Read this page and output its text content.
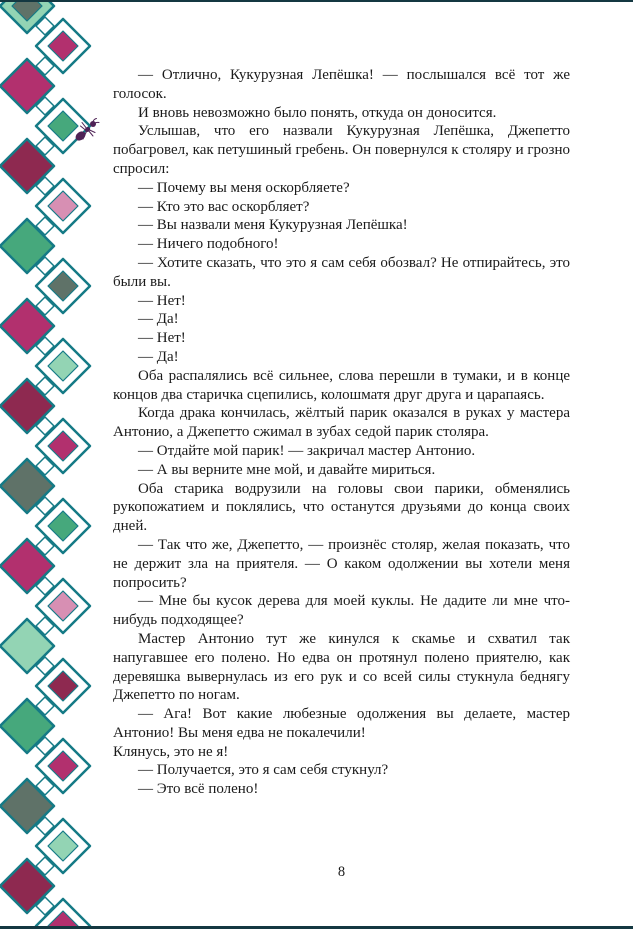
— Отлично, Кукурузная Лепёшка! — послышался всё тот же голосок.

И вновь невозможно было понять, откуда он доносится.

Услышав, что его назвали Кукурузная Лепёшка, Джепетто побагровел, как петушиный гребень. Он повернулся к столяру и грозно спросил:

— Почему вы меня оскорбляете?

— Кто это вас оскорбляет?

— Вы назвали меня Кукурузная Лепёшка!

— Ничего подобного!

— Хотите сказать, что это я сам себя обозвал? Не отпирайтесь, это были вы.

— Нет!

— Да!

— Нет!

— Да!

Оба распалялись всё сильнее, слова перешли в тумаки, и в конце концов два старичка сцепились, колошматя друг друга и царапаясь.

Когда драка кончилась, жёлтый парик оказался в руках у мастера Антонио, а Джепетто сжимал в зубах седой парик столяра.

— Отдайте мой парик! — закричал мастер Антонио.

— А вы верните мне мой, и давайте мириться.

Оба старика водрузили на головы свои парики, обменялись рукопожатием и поклялись, что останутся друзьями до конца своих дней.

— Так что же, Джепетто, — произнёс столяр, желая показать, что не держит зла на приятеля. — О каком одолжении вы хотели меня попросить?

— Мне бы кусок дерева для моей куклы. Не дадите ли мне что-нибудь подходящее?

Мастер Антонио тут же кинулся к скамье и схватил так напугавшее его полено. Но едва он протянул полено приятелю, как деревяшка вывернулась из его рук и со всей силы стукнула беднягу Джепетто по ногам.

— Ага! Вот какие любезные одолжения вы делаете, мастер Антонио! Вы меня едва не покалечили!

Клянусь, это не я!

— Получается, это я сам себя стукнул?

— Это всё полено!

8
